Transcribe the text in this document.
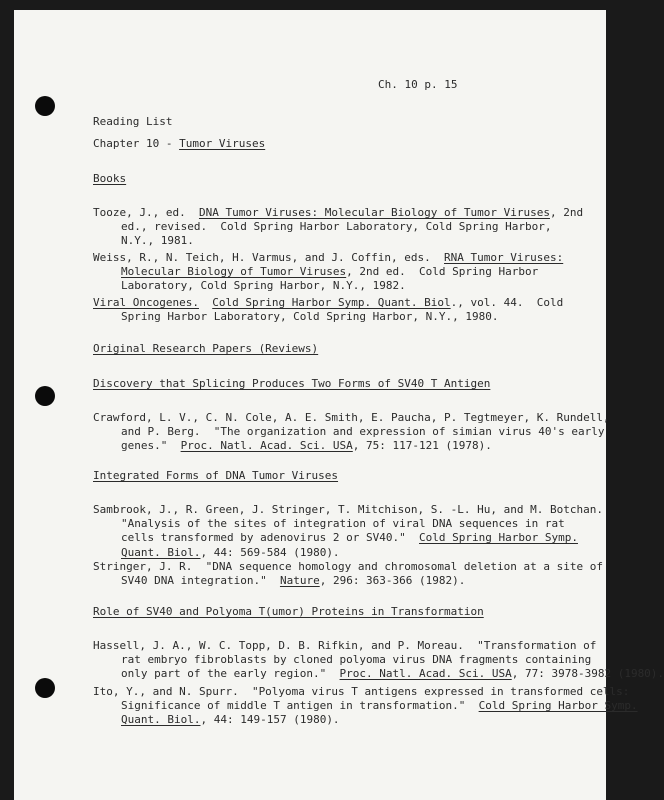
Ch. 10 p. 15

Reading List

Chapter 10 - Tumor Viruses

Books

Tooze, J., ed.  DNA Tumor Viruses: Molecular Biology of Tumor Viruses, 2nd

ed., revised.  Cold Spring Harbor Laboratory, Cold Spring Harbor,
N.Y., 1981.

Weiss, R., N. Teich, H. Varmus, and J. Coffin, eds.  RNA Tumor Viruses:

Molecular Biology of Tumor Viruses, 2nd ed.  Cold Spring Harbor
Laboratory, Cold Spring Harbor, N.Y., 1982.

Viral Oncogenes. Cold Spring Harbor Symp. Quant. Biol., vol. 44.  Cold

Spring Harbor Laboratory, Cold Spring Harbor, N.Y., 1980.

Original Research Papers (Reviews)

Discovery that Splicing Produces Two Forms of SV40 T Antigen

Crawford, L. V., C. N. Cole, A. E. Smith, E. Paucha, P. Tegtmeyer, K. Rundell,

and P. Berg.  "The organization and expression of simian virus 40's early
genes."  Proc. Natl. Acad. Sci. USA, 75: 117-121 (1978).

Integrated Forms of DNA Tumor Viruses

Sambrook, J., R. Green, J. Stringer, T. Mitchison, S. -L. Hu, and M. Botchan.

"Analysis of the sites of integration of viral DNA sequences in rat
cells transformed by adenovirus 2 or SV40."  Cold Spring Harbor Symp.
Quant. Biol., 44: 569-584 (1980).

Stringer, J. R.  "DNA sequence homology and chromosomal deletion at a site of

SV40 DNA integration."  Nature, 296: 363-366 (1982).

Role of SV40 and Polyoma T(umor) Proteins in Transformation

Hassell, J. A., W. C. Topp, D. B. Rifkin, and P. Moreau.  "Transformation of

rat embryo fibroblasts by cloned polyoma virus DNA fragments containing
only part of the early region."  Proc. Natl. Acad. Sci. USA, 77: 3978-3982 (1980).

Ito, Y., and N. Spurr.  "Polyoma virus T antigens expressed in transformed cells:

Significance of middle T antigen in transformation."  Cold Spring Harbor Symp.
Quant. Biol., 44: 149-157 (1980).
